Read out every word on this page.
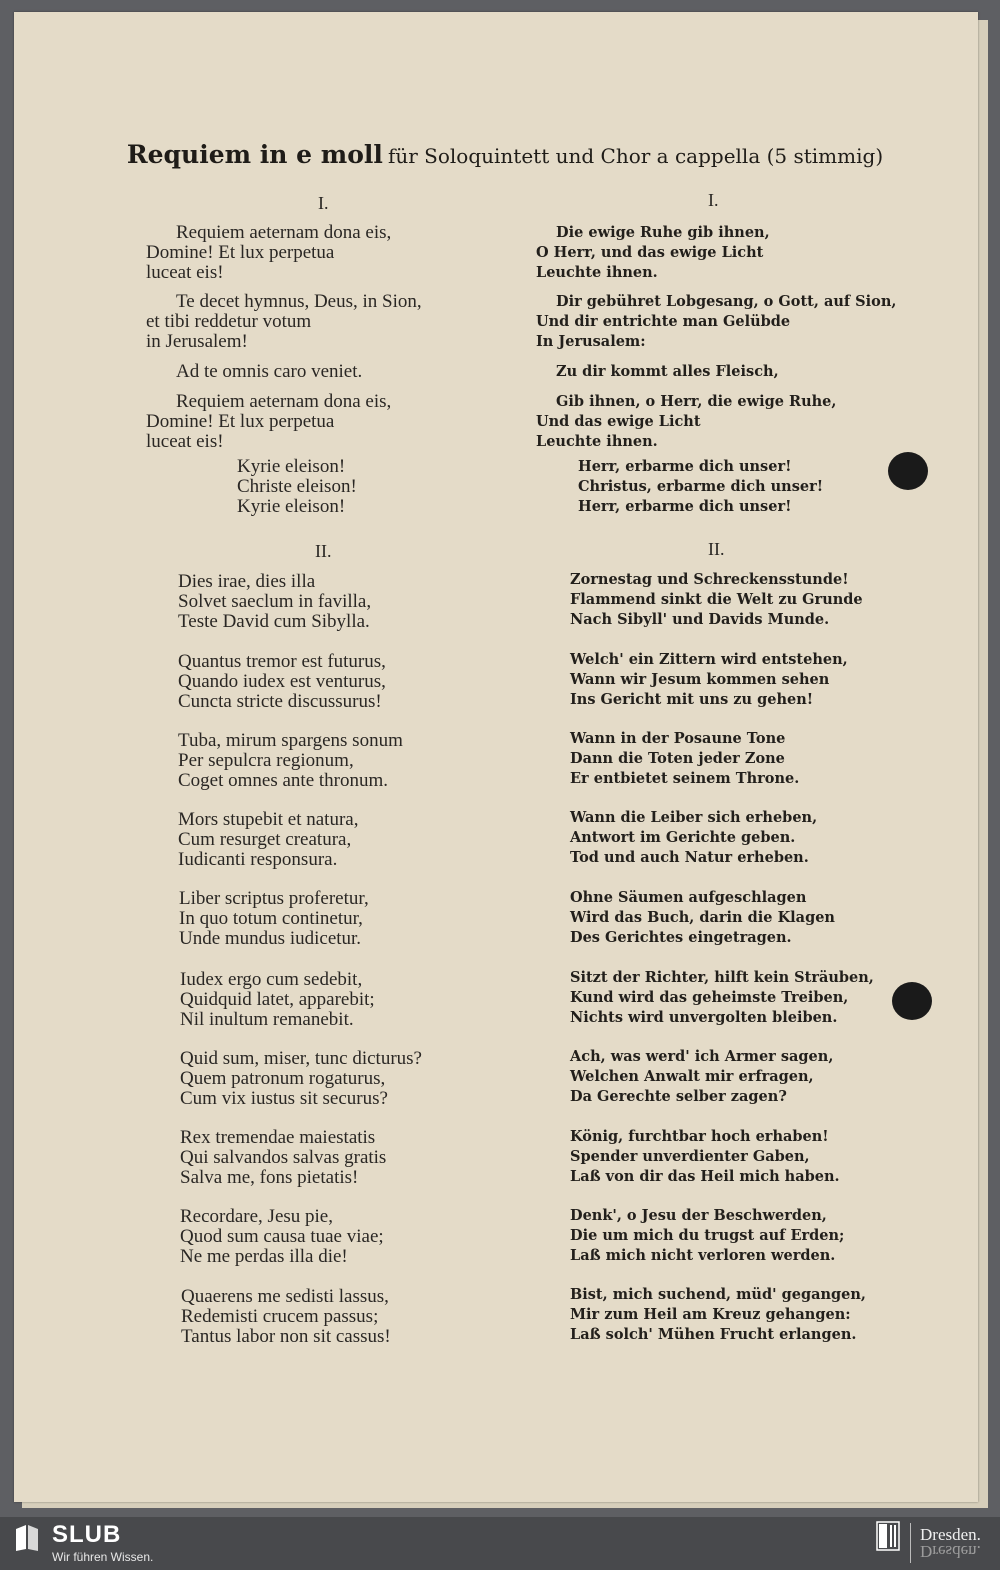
Requiem in e moll für Soloquintett und Chor a cappella (5 stimmig)
I.	I.
Requiem aeternam dona eis,
Domine! Et lux perpetua
luceat eis!
Te decet hymnus, Deus, in Sion,
et tibi reddetur votum
in Jerusalem!
Ad te omnis caro veniet.
Requiem aeternam dona eis,
Domine! Et lux perpetua
luceat eis!
Kyrie eleison!
Christe eleison!
Kyrie eleison!
Die ewige Ruhe gib ihnen,
O Herr, und das ewige Licht
Leuchte ihnen.
Dir gebühret Lobgesang, o Gott, auf Sion,
Und dir entrichte man Gelübde
In Jerusalem:
Zu dir kommt alles Fleisch,
Gib ihnen, o Herr, die ewige Ruhe,
Und das ewige Licht
Leuchte ihnen.
Herr, erbarme dich unser!
Christus, erbarme dich unser!
Herr, erbarme dich unser!
II.	II.
Dies irae, dies illa
Solvet saeclum in favilla,
Teste David cum Sibylla.
Quantus tremor est futurus,
Quando iudex est venturus,
Cuncta stricte discussurus!
Tuba, mirum spargens sonum
Per sepulcra regionum,
Coget omnes ante thronum.
Mors stupebit et natura,
Cum resurget creatura,
Iudicanti responsura.
Liber scriptus proferetur,
In quo totum continetur,
Unde mundus iudicetur.
Iudex ergo cum sedebit,
Quidquid latet, apparebit;
Nil inultum remanebit.
Quid sum, miser, tunc dicturus?
Quem patronum rogaturus,
Cum vix iustus sit securus?
Rex tremendae maiestatis
Qui salvandos salvas gratis
Salva me, fons pietatis!
Recordare, Jesu pie,
Quod sum causa tuae viae;
Ne me perdas illa die!
Quaerens me sedisti lassus,
Redemisti crucem passus;
Tantus labor non sit cassus!
Zornestag und Schreckensstunde!
Flammend sinkt die Welt zu Grunde
Nach Sibyll' und Davids Munde.
Welch' ein Zittern wird entstehen,
Wann wir Jesum kommen sehen
Ins Gericht mit uns zu gehen!
Wann in der Posaune Tone
Dann die Toten jeder Zone
Er entbietet seinem Throne.
Wann die Leiber sich erheben,
Antwort im Gerichte geben.
Tod und auch Natur erheben.
Ohne Säumen aufgeschlagen
Wird das Buch, darin die Klagen
Des Gerichtes eingetragen.
Sitzt der Richter, hilft kein Sträuben,
Kund wird das geheimste Treiben,
Nichts wird unvergolten bleiben.
Ach, was werd' ich Armer sagen,
Welchen Anwalt mir erfragen,
Da Gerechte selber zagen?
König, furchtbar hoch erhaben!
Spender unverdienter Gaben,
Laß von dir das Heil mich haben.
Denk', o Jesu der Beschwerden,
Die um mich du trugst auf Erden;
Laß mich nicht verloren werden.
Bist, mich suchend, müd' gegangen,
Mir zum Heil am Kreuz gehangen:
Laß solch' Mühen Frucht erlangen.
SLUB
Wir führen Wissen.
Dresden.
Dresden.
